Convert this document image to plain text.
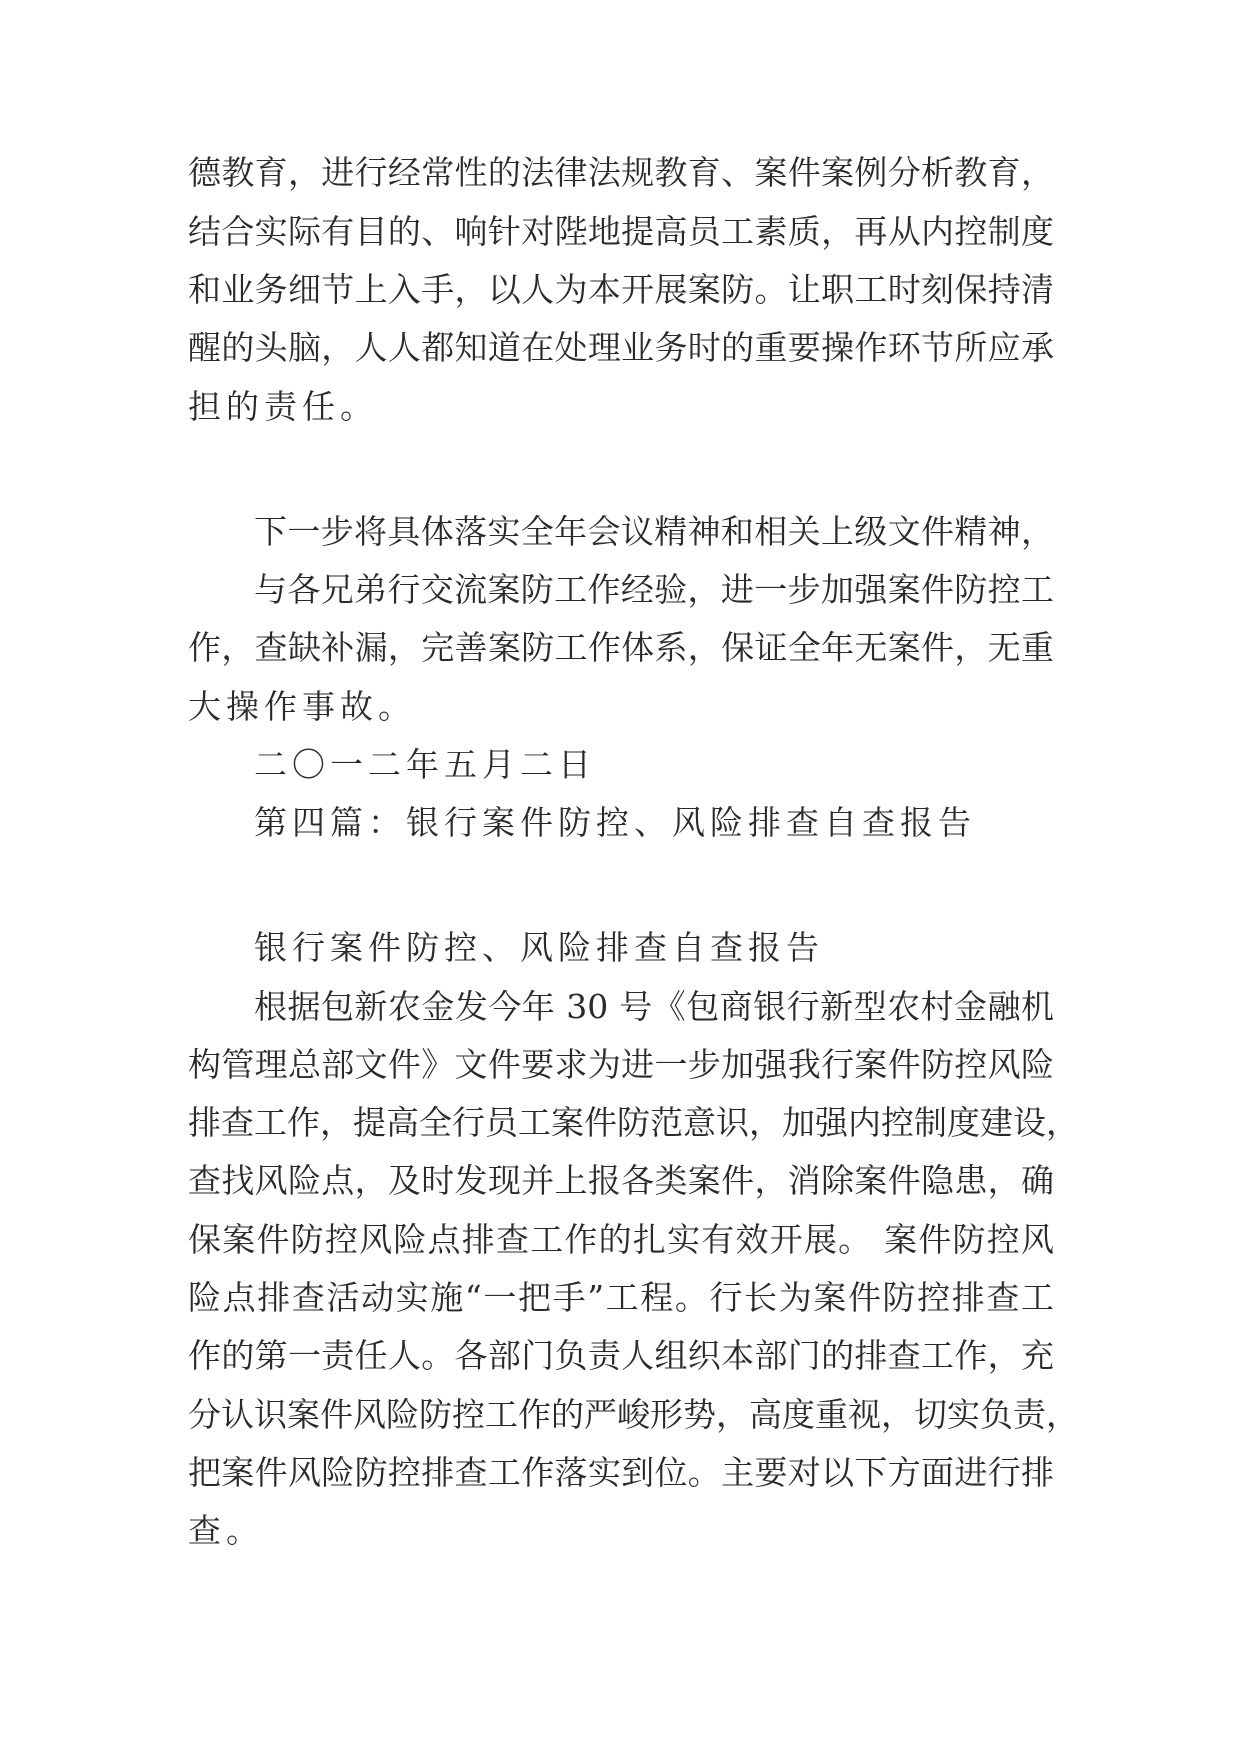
德教育，进行经常性的法律法规教育、案件案例分析教育，
结合实际有目的、响针对陛地提高员工素质，再从内控制度
和业务细节上入手，以人为本开展案防。让职工时刻保持清
醒的头脑，人人都知道在处理业务时的重要操作环节所应承
担的责任。
下一步将具体落实全年会议精神和相关上级文件精神，
与各兄弟行交流案防工作经验，进一步加强案件防控工
作，查缺补漏，完善案防工作体系，保证全年无案件，无重
大操作事故。
二〇一二年五月二日
第四篇：银行案件防控、风险排查自查报告
银行案件防控、风险排查自查报告
根据包新农金发今年 30 号《包商银行新型农村金融机
构管理总部文件》文件要求为进一步加强我行案件防控风险
排查工作，提高全行员工案件防范意识，加强内控制度建设，
查找风险点，及时发现并上报各类案件，消除案件隐患，确
保案件防控风险点排查工作的扎实有效开展。 案件防控风
险点排查活动实施“一把手”工程。行长为案件防控排查工
作的第一责任人。各部门负责人组织本部门的排查工作，充
分认识案件风险防控工作的严峻形势，高度重视，切实负责，
把案件风险防控排查工作落实到位。主要对以下方面进行排
查。
